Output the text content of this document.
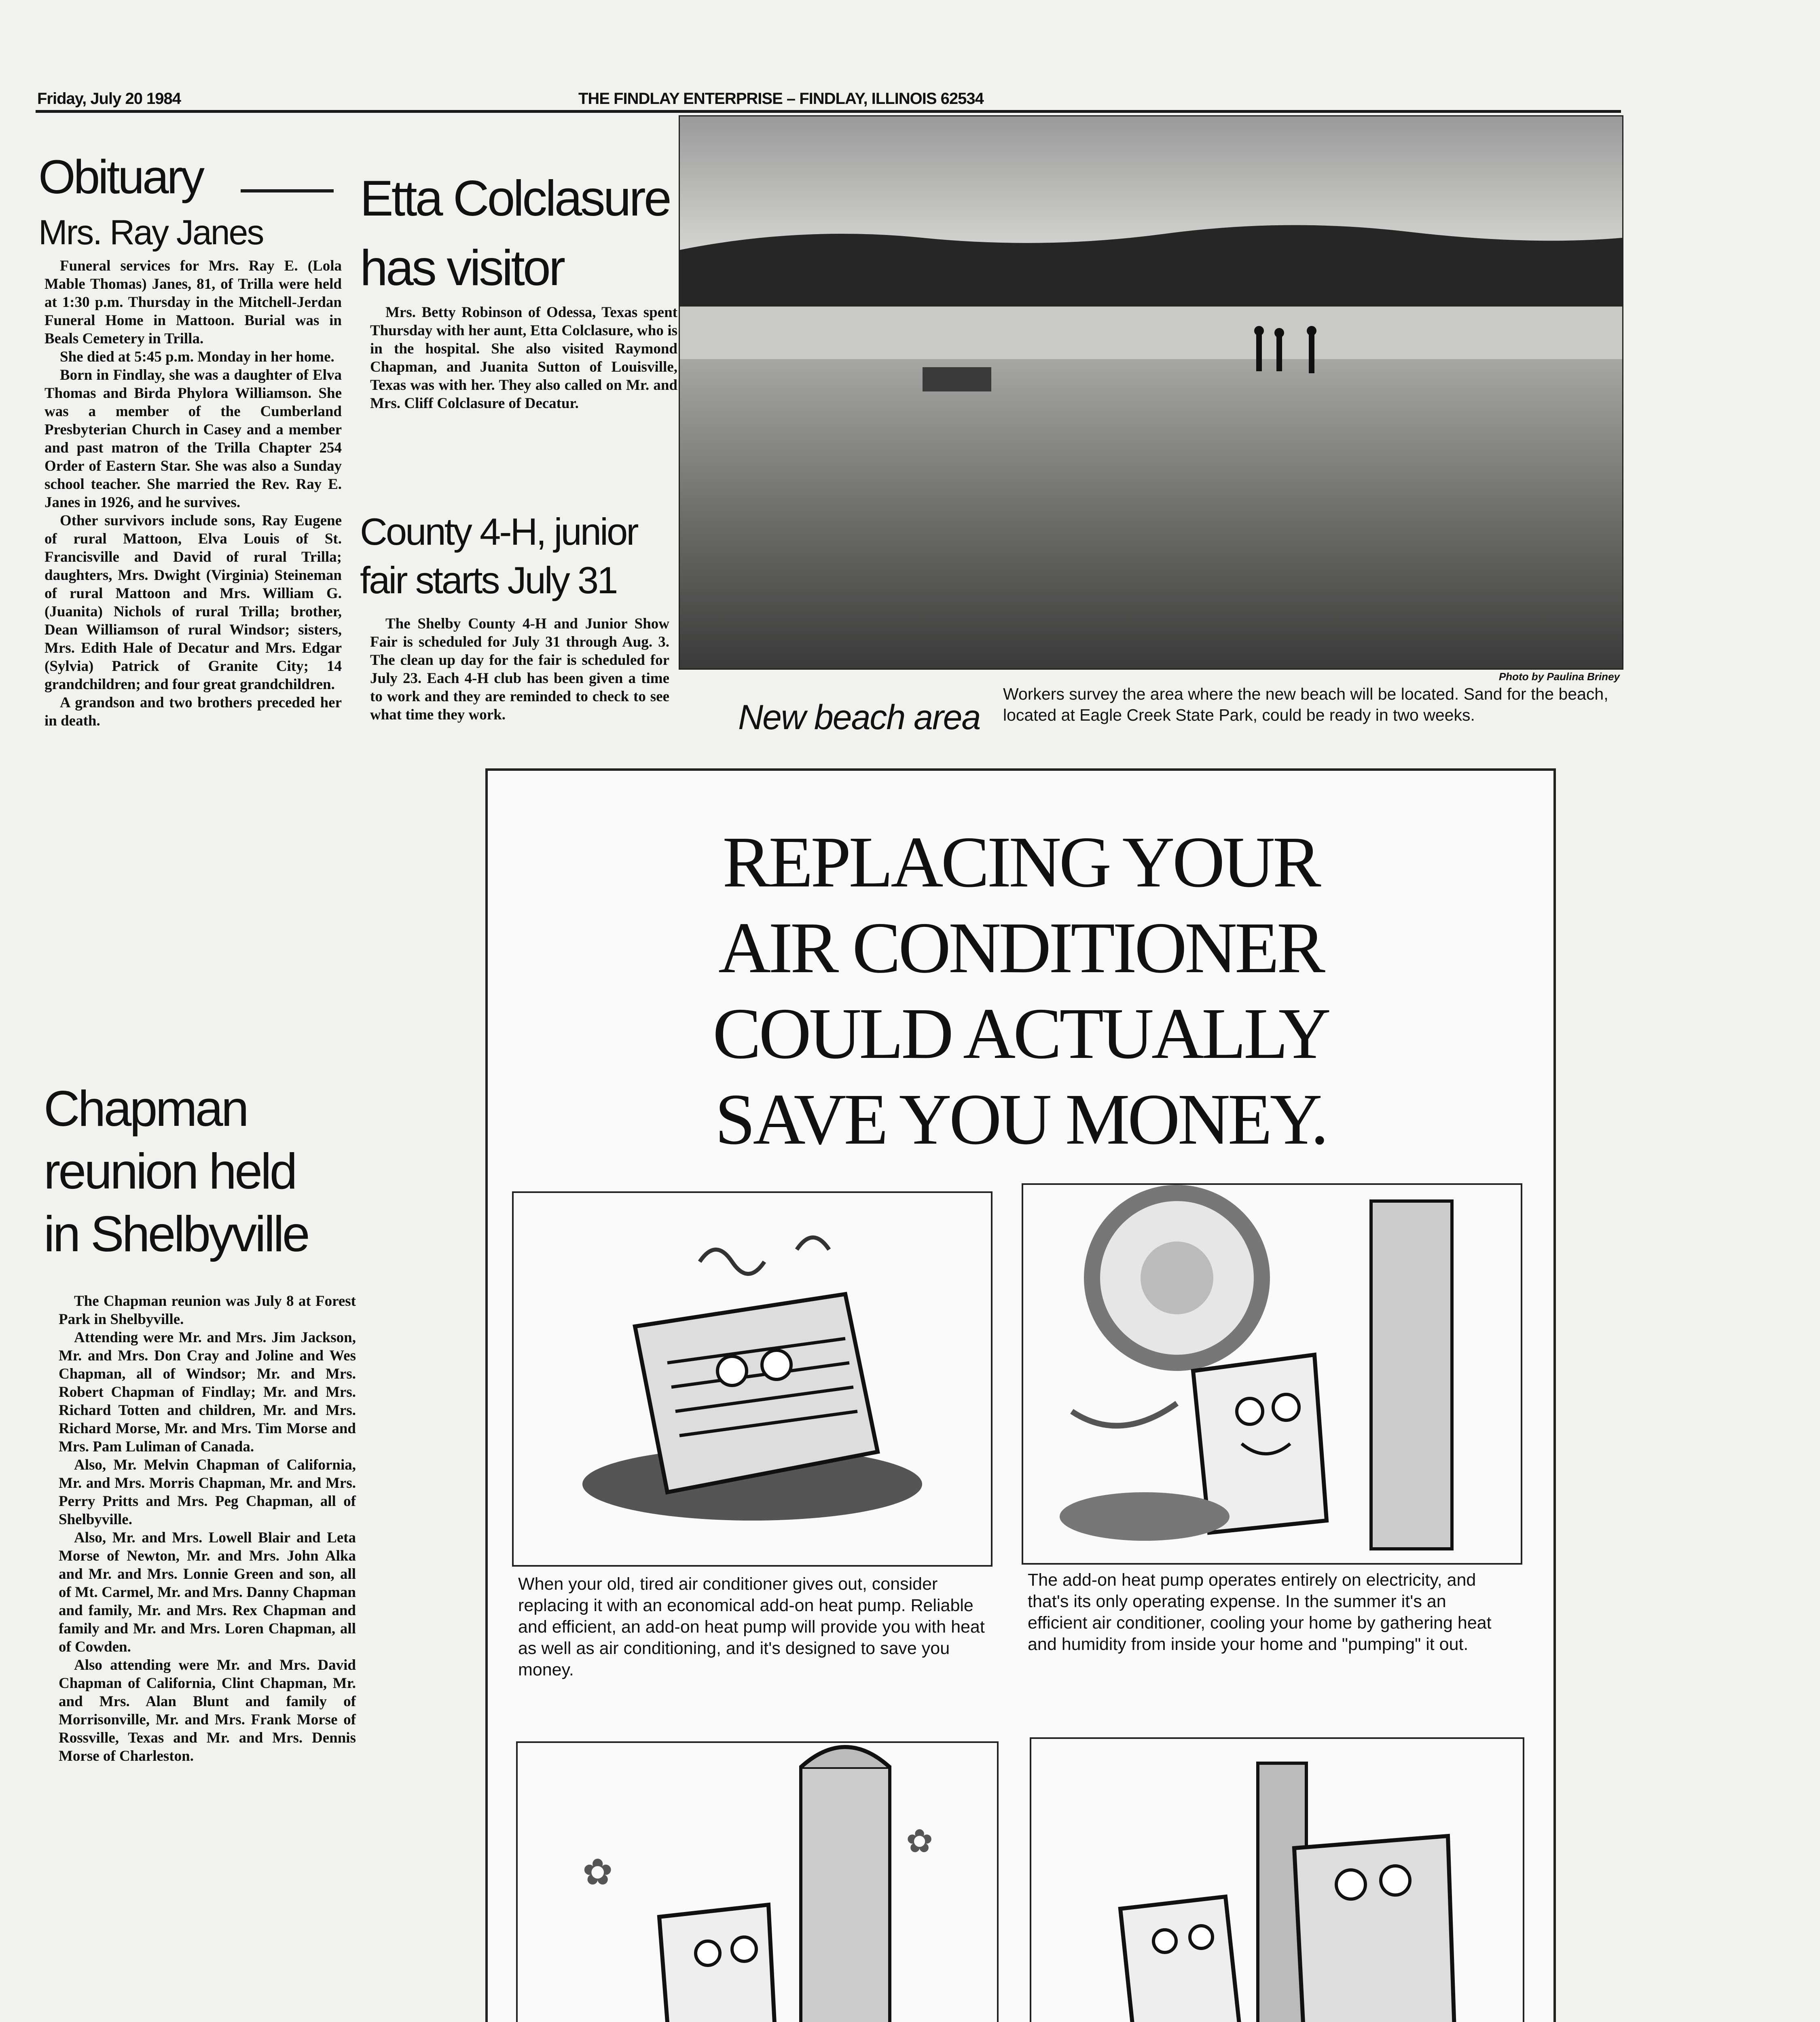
Friday, July 20 1984	THE FINDLAY ENTERPRISE – FINDLAY, ILLINOIS 62534
Obituary
Mrs. Ray Janes

Funeral services for Mrs. Ray E. (Lola Mable Thomas) Janes, 81, of Trilla were held at 1:30 p.m. Thursday in the Mitchell-Jerdan Funeral Home in Mattoon. Burial was in Beals Cemetery in Trilla.

She died at 5:45 p.m. Monday in her home.

Born in Findlay, she was a daughter of Elva Thomas and Birda Phylora Williamson. She was a member of the Cumberland Presbyterian Church in Casey and a member and past matron of the Trilla Chapter 254 Order of Eastern Star. She was also a Sunday school teacher. She married the Rev. Ray E. Janes in 1926, and he survives.

Other survivors include sons, Ray Eugene of rural Mattoon, Elva Louis of St. Francisville and David of rural Trilla; daughters, Mrs. Dwight (Virginia) Steineman of rural Mattoon and Mrs. William G. (Juanita) Nichols of rural Trilla; brother, Dean Williamson of rural Windsor; sisters, Mrs. Edith Hale of Decatur and Mrs. Edgar (Sylvia) Patrick of Granite City; 14 grandchildren; and four great grandchildren.

A grandson and two brothers preceded her in death.

Chapman
reunion held
in Shelbyville

The Chapman reunion was July 8 at Forest Park in Shelbyville.

Attending were Mr. and Mrs. Jim Jackson, Mr. and Mrs. Don Cray and Joline and Wes Chapman, all of Windsor; Mr. and Mrs. Robert Chapman of Findlay; Mr. and Mrs. Richard Totten and children, Mr. and Mrs. Richard Morse, Mr. and Mrs. Tim Morse and Mrs. Pam Luliman of Canada.

Also, Mr. Melvin Chapman of California, Mr. and Mrs. Morris Chapman, Mr. and Mrs. Perry Pritts and Mrs. Peg Chapman, all of Shelbyville.

Also, Mr. and Mrs. Lowell Blair and Leta Morse of Newton, Mr. and Mrs. John Alka and Mr. and Mrs. Lonnie Green and son, all of Mt. Carmel, Mr. and Mrs. Danny Chapman and family, Mr. and Mrs. Rex Chapman and family and Mr. and Mrs. Loren Chapman, all of Cowden.

Also attending were Mr. and Mrs. David Chapman of California, Clint Chapman, Mr. and Mrs. Alan Blunt and family of Morrisonville, Mr. and Mrs. Frank Morse of Rossville, Texas and Mr. and Mrs. Dennis Morse of Charleston.

Etta Colclasure
has visitor

Mrs. Betty Robinson of Odessa, Texas spent Thursday with her aunt, Etta Colclasure, who is in the hospital. She also visited Raymond Chapman, and Juanita Sutton of Louisville, Texas was with her. They also called on Mr. and Mrs. Cliff Colclasure of Decatur.

County 4-H, junior
fair starts July 31

The Shelby County 4-H and Junior Show Fair is scheduled for July 31 through Aug. 3. The clean up day for the fair is scheduled for July 23. Each 4-H club has been given a time to work and they are reminded to check to see what time they work.

Photo by Paulina Briney
New beach area
Workers survey the area where the new beach will be located. Sand for the beach, located at Eagle Creek State Park, could be ready in two weeks.
REPLACING YOUR
AIR CONDITIONER
COULD ACTUALLY
SAVE YOU MONEY.
When your old, tired air conditioner gives out, consider replacing it with an economical add-on heat pump. Reliable and efficient, an add-on heat pump will provide you with heat as well as air conditioning, and it's designed to save you money.
The add-on heat pump operates entirely on electricity, and that's its only operating expense. In the summer it's an efficient air conditioner, cooling your home by gathering heat and humidity from inside your home and "pumping" it out.
✿
✿
